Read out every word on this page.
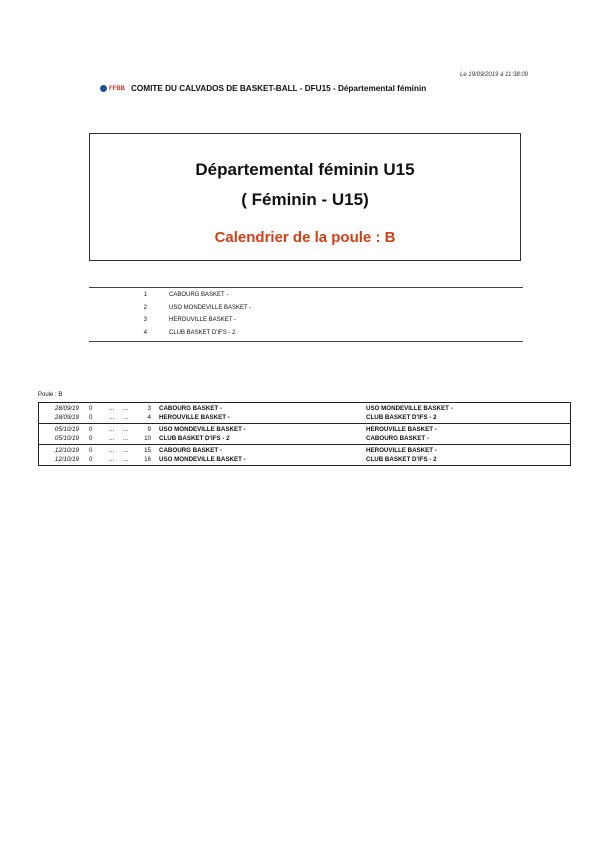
Le 19/09/2019 à 11:38:09
FFBB COMITE DU CALVADOS DE BASKET-BALL - DFU15 - Départemental féminin
Départemental féminin U15
( Féminin - U15)
Calendrier de la poule : B
1	CABOURG BASKET -
2	USO MONDEVILLE BASKET -
3	HEROUVILLE BASKET -
4	CLUB BASKET D'IFS - 2
Poule : B
28/09/19 0	... ...	3 CABOURG BASKET -	USO MONDEVILLE BASKET -
28/09/19 0	... ...	4 HEROUVILLE BASKET -	CLUB BASKET D'IFS - 2
05/10/19 0	... ...	9 USO MONDEVILLE BASKET -	HEROUVILLE BASKET -
05/10/19 0	... ...	10 CLUB BASKET D'IFS - 2	CABOURG BASKET -
12/10/19 0	... ...	15 CABOURG BASKET -	HEROUVILLE BASKET -
12/10/19 0	... ...	16 USO MONDEVILLE BASKET -	CLUB BASKET D'IFS - 2
